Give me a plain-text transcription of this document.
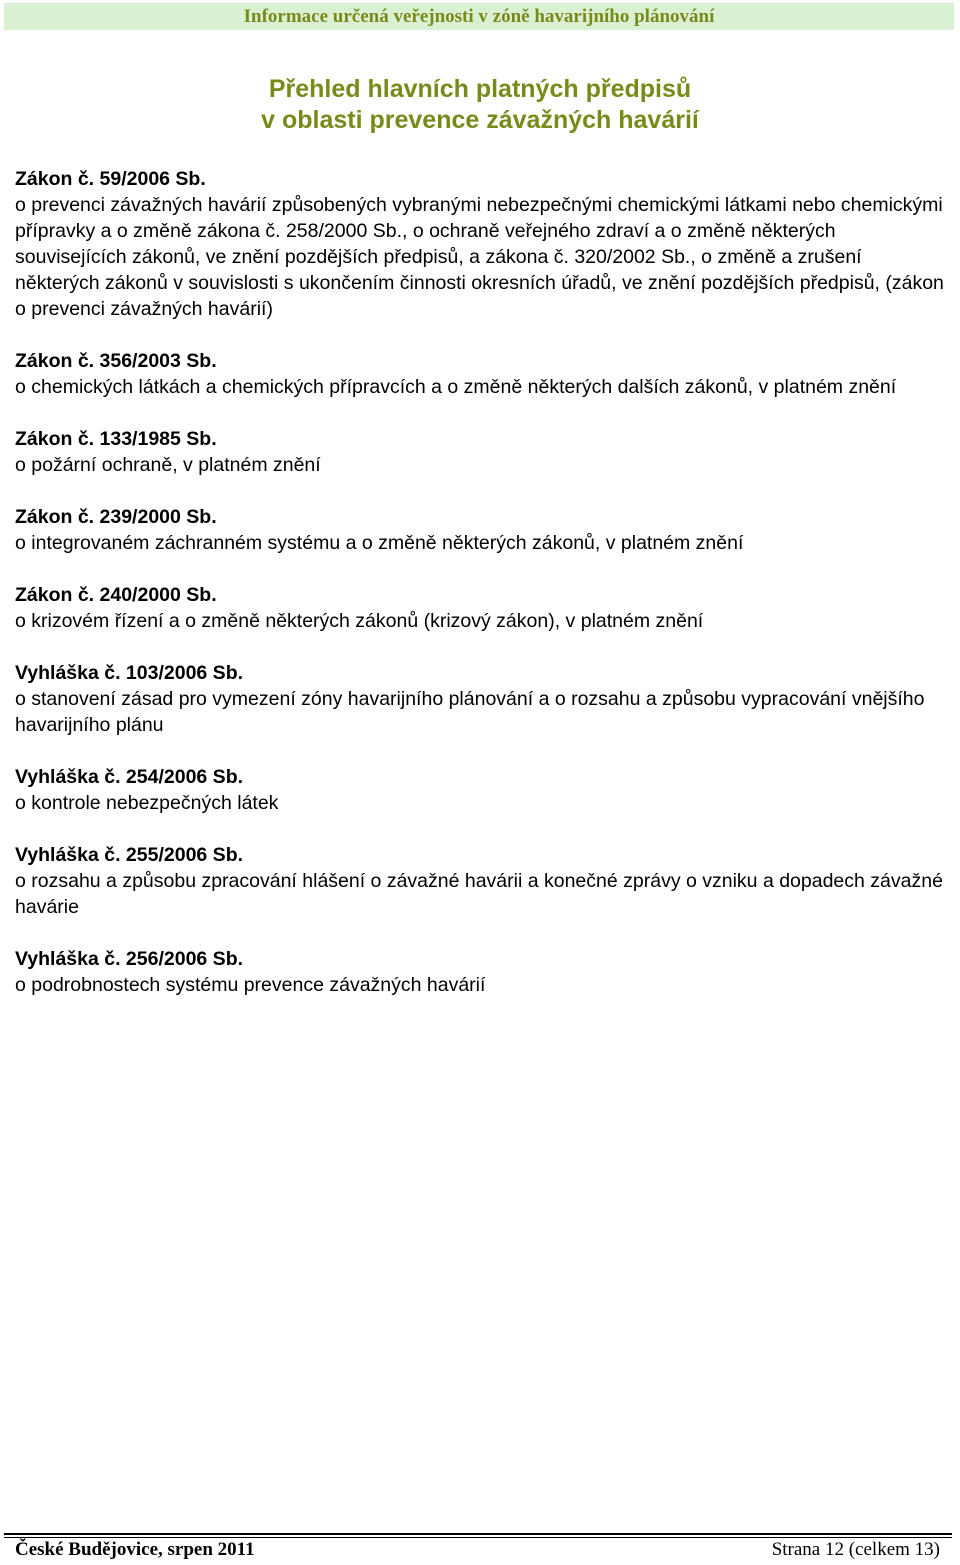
Informace určená veřejnosti v zóně havarijního plánování
Přehled hlavních platných předpisů
v oblasti prevence závažných havárií
Zákon č. 59/2006 Sb.
o prevenci závažných havárií způsobených vybranými nebezpečnými chemickými látkami nebo chemickými přípravky a o změně zákona č. 258/2000 Sb., o ochraně veřejného zdraví a o změně některých souvisejících zákonů, ve znění pozdějších předpisů, a zákona č. 320/2002 Sb., o změně a zrušení některých zákonů v souvislosti s ukončením činnosti okresních úřadů, ve znění pozdějších předpisů, (zákon o prevenci závažných havárií)
Zákon č. 356/2003 Sb.
o chemických látkách a chemických přípravcích a o změně některých dalších zákonů, v platném znění
Zákon č. 133/1985 Sb.
o požární ochraně, v platném znění
Zákon č. 239/2000 Sb.
o integrovaném záchranném systému a o změně některých zákonů, v platném znění
Zákon č. 240/2000 Sb.
o krizovém řízení a o změně některých zákonů (krizový zákon), v platném znění
Vyhláška č. 103/2006 Sb.
o stanovení zásad pro vymezení zóny havarijního plánování a o rozsahu a způsobu vypracování vnějšího havarijního plánu
Vyhláška č. 254/2006 Sb.
o kontrole nebezpečných látek
Vyhláška č. 255/2006 Sb.
o rozsahu a způsobu zpracování hlášení o závažné havárii a konečné zprávy o vzniku a dopadech závažné havárie
Vyhláška č. 256/2006 Sb.
o podrobnostech systému prevence závažných havárií
České Budějovice, srpen 2011	Strana 12 (celkem 13)
